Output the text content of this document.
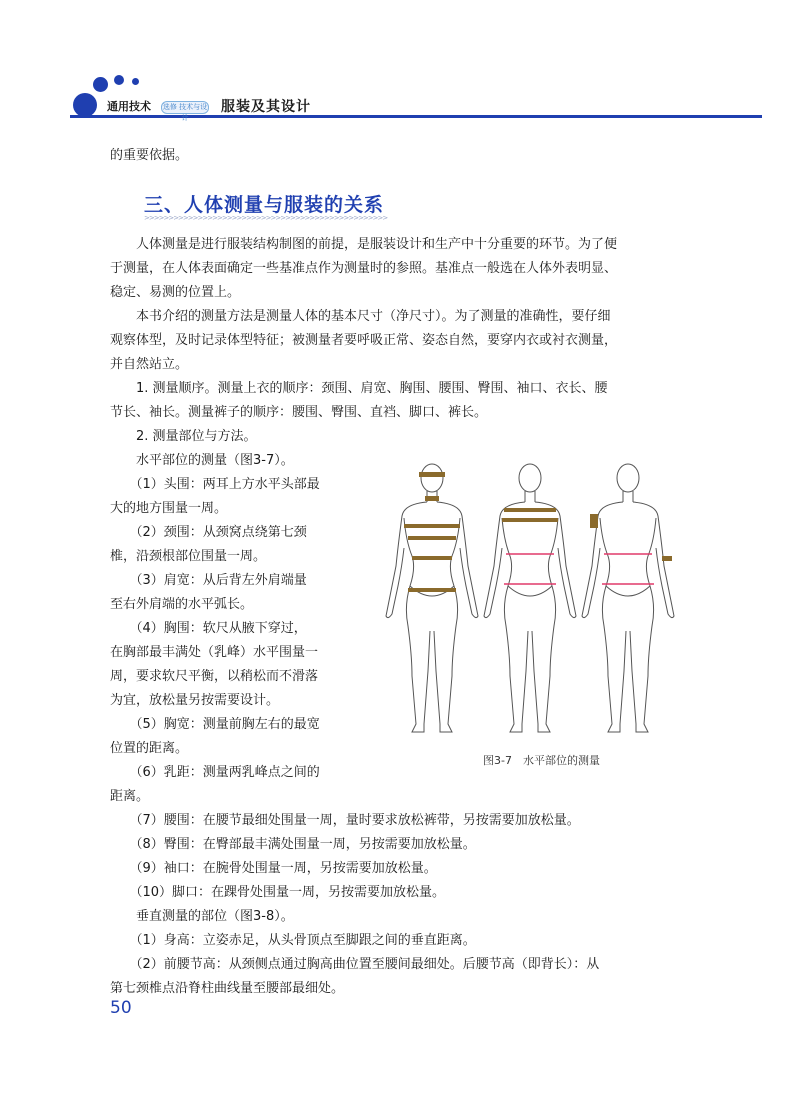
通用技术 选修 技术与设计
服装及其设计
的重要依据。
三、人体测量与服装的关系
>>>>>>>>>>>>>>>>>>>>>>>>>>>>>>>>>>>>>>>>>>>>>>>>>>
　　人体测量是进行服装结构制图的前提，是服装设计和生产中十分重要的环节。为了便
于测量，在人体表面确定一些基准点作为测量时的参照。基准点一般选在人体外表明显、
稳定、易测的位置上。
　　本书介绍的测量方法是测量人体的基本尺寸（净尺寸）。为了测量的准确性，要仔细
观察体型，及时记录体型特征；被测量者要呼吸正常、姿态自然，要穿内衣或衬衣测量，
并自然站立。
　　1. 测量顺序。测量上衣的顺序：颈围、肩宽、胸围、腰围、臀围、袖口、衣长、腰
节长、袖长。测量裤子的顺序：腰围、臀围、直裆、脚口、裤长。
　　2. 测量部位与方法。
　　水平部位的测量（图3-7）。
　　（1）头围：两耳上方水平头部最
大的地方围量一周。
　　（2）颈围：从颈窝点绕第七颈
椎，沿颈根部位围量一周。
　　（3）肩宽：从后背左外肩端量
至右外肩端的水平弧长。
　　（4）胸围：软尺从腋下穿过，
在胸部最丰满处（乳峰）水平围量一
周，要求软尺平衡，以稍松而不滑落
为宜，放松量另按需要设计。
　　（5）胸宽：测量前胸左右的最宽
位置的距离。
　　（6）乳距：测量两乳峰点之间的
距离。
　　（7）腰围：在腰节最细处围量一周，量时要求放松裤带，另按需要加放松量。
　　（8）臀围：在臀部最丰满处围量一周，另按需要加放松量。
　　（9）袖口：在腕骨处围量一周，另按需要加放松量。
　　（10）脚口：在踝骨处围量一周，另按需要加放松量。
　　垂直测量的部位（图3-8）。
　　（1）身高：立姿赤足，从头骨顶点至脚跟之间的垂直距离。
　　（2）前腰节高：从颈侧点通过胸高曲位置至腰间最细处。后腰节高（即背长）：从
第七颈椎点沿脊柱曲线量至腰部最细处。
图3-7　水平部位的测量
50
